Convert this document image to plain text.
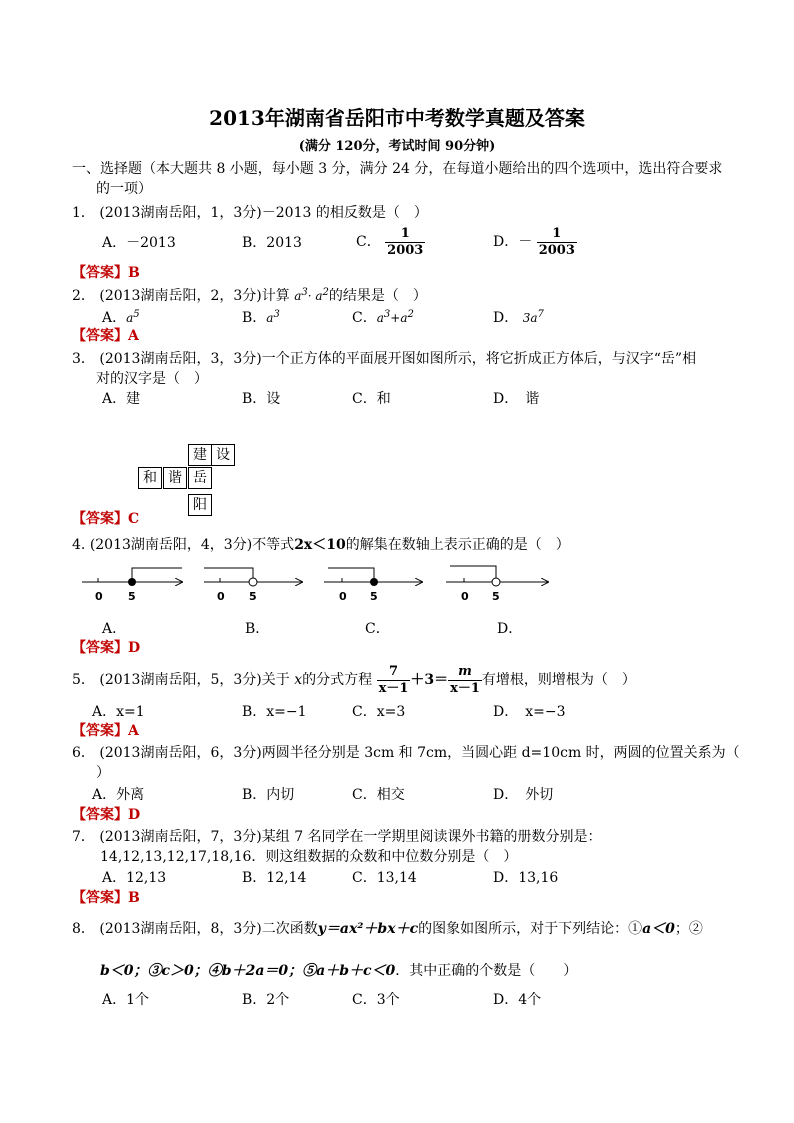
2013年湖南省岳阳市中考数学真题及答案
(满分 120分，考试时间 90分钟)
一、选择题（本大题共 8 小题，每小题 3 分，满分 24 分，在每道小题给出的四个选项中，选出符合要求
的一项）
1． (2013湖南岳阳，1，3分)－2013 的相反数是（　）
A．－2013	B．2013	C． $\frac{1}{2003}$	D．－ $\frac{1}{2003}$
【答案】B
2． (2013湖南岳阳，2，3分)计算 $a^3\cdot a^2$的结果是（　）
A．$a^5$	B．$a^3$	C．$a^3+a^2$	D． $3a^7$
【答案】A
3． (2013湖南岳阳，3，3分)一个正方体的平面展开图如图所示，将它折成正方体后，与汉字“岳”相
对的汉字是（　）
A．建	B．设	C．和	D．　谐
建 设
和 谐 岳
阳
【答案】C
4. (2013湖南岳阳，4，3分)不等式2x＜10的解集在数轴上表示正确的是（　）
0 5	0 5	0 5	0 5
A．	B．	C．	D．
【答案】D
5． (2013湖南岳阳，5，3分)关于 x的分式方程 $\frac{7}{x-1} +3= \frac{m}{x-1}$ 有增根，则增根为（　）
A．x=1	B．x=−1	C．x=3	D．　x=−3
【答案】A
6． (2013湖南岳阳，6，3分)两圆半径分别是 3cm 和 7cm，当圆心距 d=10cm 时，两圆的位置关系为（
）
A．外离	B．内切	C．相交	D．　外切
【答案】D
7． (2013湖南岳阳，7，3分)某组 7 名同学在一学期里阅读课外书籍的册数分别是：
14,12,13,12,17,18,16．则这组数据的众数和中位数分别是（　）
A．12,13	B．12,14	C．13,14	D．13,16
【答案】B
8． (2013湖南岳阳，8，3分)二次函数y＝ax²＋bx＋c的图象如图所示，对于下列结论：①a＜0；②
b＜0；③c＞0；④b＋2a＝0；⑤a＋b＋c＜0．其中正确的个数是（　　）
A．1个	B．2个	C．3个	D．4个
